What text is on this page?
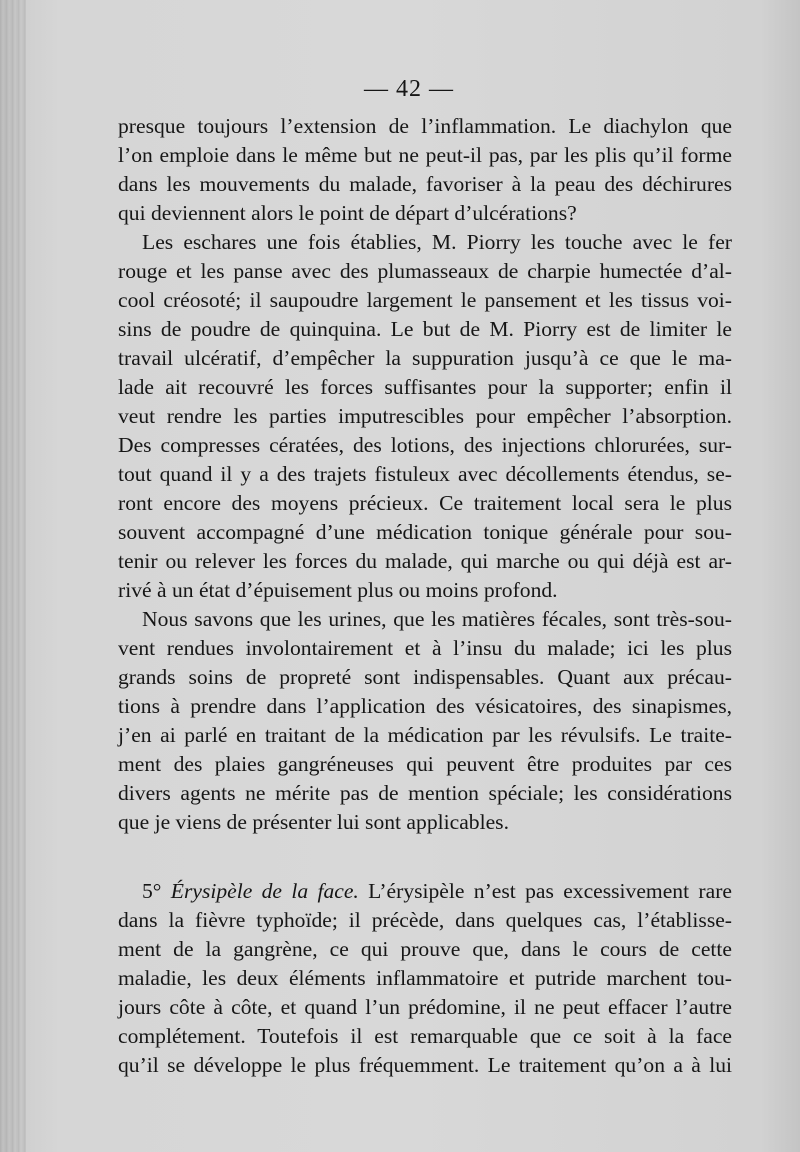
— 42 —
presque toujours l’extension de l’inflammation. Le diachylon que
l’on emploie dans le même but ne peut-il pas, par les plis qu’il forme
dans les mouvements du malade, favoriser à la peau des déchirures
qui deviennent alors le point de départ d’ulcérations?
Les eschares une fois établies, M. Piorry les touche avec le fer
rouge et les panse avec des plumasseaux de charpie humectée d’al-
cool créosoté; il saupoudre largement le pansement et les tissus voi-
sins de poudre de quinquina. Le but de M. Piorry est de limiter le
travail ulcératif, d’empêcher la suppuration jusqu’à ce que le ma-
lade ait recouvré les forces suffisantes pour la supporter; enfin il
veut rendre les parties imputrescibles pour empêcher l’absorption.
Des compresses cératées, des lotions, des injections chlorurées, sur-
tout quand il y a des trajets fistuleux avec décollements étendus, se-
ront encore des moyens précieux. Ce traitement local sera le plus
souvent accompagné d’une médication tonique générale pour sou-
tenir ou relever les forces du malade, qui marche ou qui déjà est ar-
rivé à un état d’épuisement plus ou moins profond.
Nous savons que les urines, que les matières fécales, sont très-sou-
vent rendues involontairement et à l’insu du malade; ici les plus
grands soins de propreté sont indispensables. Quant aux précau-
tions à prendre dans l’application des vésicatoires, des sinapismes,
j’en ai parlé en traitant de la médication par les révulsifs. Le traite-
ment des plaies gangréneuses qui peuvent être produites par ces
divers agents ne mérite pas de mention spéciale; les considérations
que je viens de présenter lui sont applicables.
5° Érysipèle de la face. L’érysipèle n’est pas excessivement rare
dans la fièvre typhoïde; il précède, dans quelques cas, l’établisse-
ment de la gangrène, ce qui prouve que, dans le cours de cette
maladie, les deux éléments inflammatoire et putride marchent tou-
jours côte à côte, et quand l’un prédomine, il ne peut effacer l’autre
complétement. Toutefois il est remarquable que ce soit à la face
qu’il se développe le plus fréquemment. Le traitement qu’on a à lui
